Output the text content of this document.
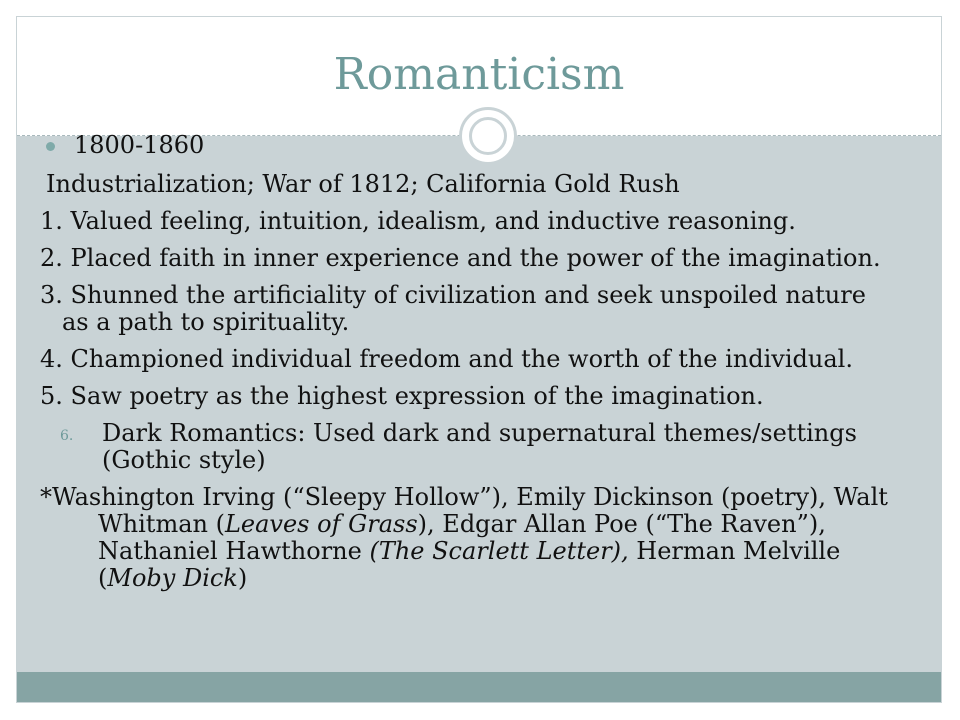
Romanticism
1800-1860
Industrialization; War of 1812; California Gold Rush
1. Valued feeling, intuition, idealism, and inductive reasoning.
2. Placed faith in inner experience and the power of the imagination.
3. Shunned the artificiality of civilization and seek unspoiled nature as a path to spirituality.
4. Championed individual freedom and the worth of the individual.
5. Saw poetry as the highest expression of the imagination.
6. Dark Romantics: Used dark and supernatural themes/settings (Gothic style)
*Washington Irving (“Sleepy Hollow”), Emily Dickinson (poetry), Walt Whitman (Leaves of Grass), Edgar Allan Poe (“The Raven”), Nathaniel Hawthorne (The Scarlett Letter), Herman Melville (Moby Dick)
